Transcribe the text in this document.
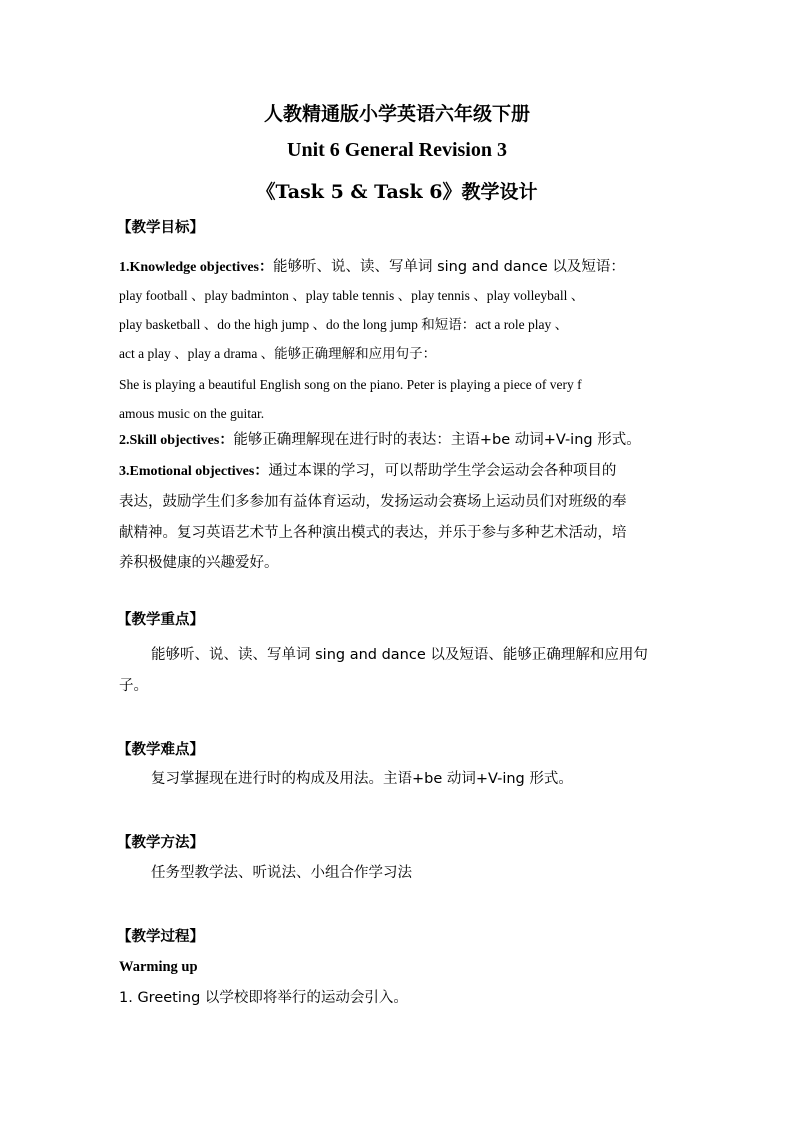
人教精通版小学英语六年级下册
Unit 6 General Revision 3
《Task 5 & Task 6》教学设计
【教学目标】
1.Knowledge objectives：能够听、说、读、写单词 sing and dance 以及短语：
play football 、play badminton 、play table tennis 、play tennis 、play volleyball 、
play basketball 、do the high jump 、do the long jump 和短语：act a role play 、
act a play 、play a drama 、能够正确理解和应用句子：
She is playing a beautiful English song on the piano. Peter is playing a piece of very f
amous music on the guitar.
2.Skill objectives：能够正确理解现在进行时的表达：主语+be 动词+V-ing 形式。
3.Emotional objectives：通过本课的学习，可以帮助学生学会运动会各种项目的
表达，鼓励学生们多参加有益体育运动，发扬运动会赛场上运动员们对班级的奉
献精神。复习英语艺术节上各种演出模式的表达，并乐于参与多种艺术活动，培
养积极健康的兴趣爱好。
【教学重点】
能够听、说、读、写单词 sing and dance 以及短语、能够正确理解和应用句
子。
【教学难点】
复习掌握现在进行时的构成及用法。主语+be 动词+V-ing 形式。
【教学方法】
任务型教学法、听说法、小组合作学习法
【教学过程】
Warming up
1. Greeting 以学校即将举行的运动会引入。
